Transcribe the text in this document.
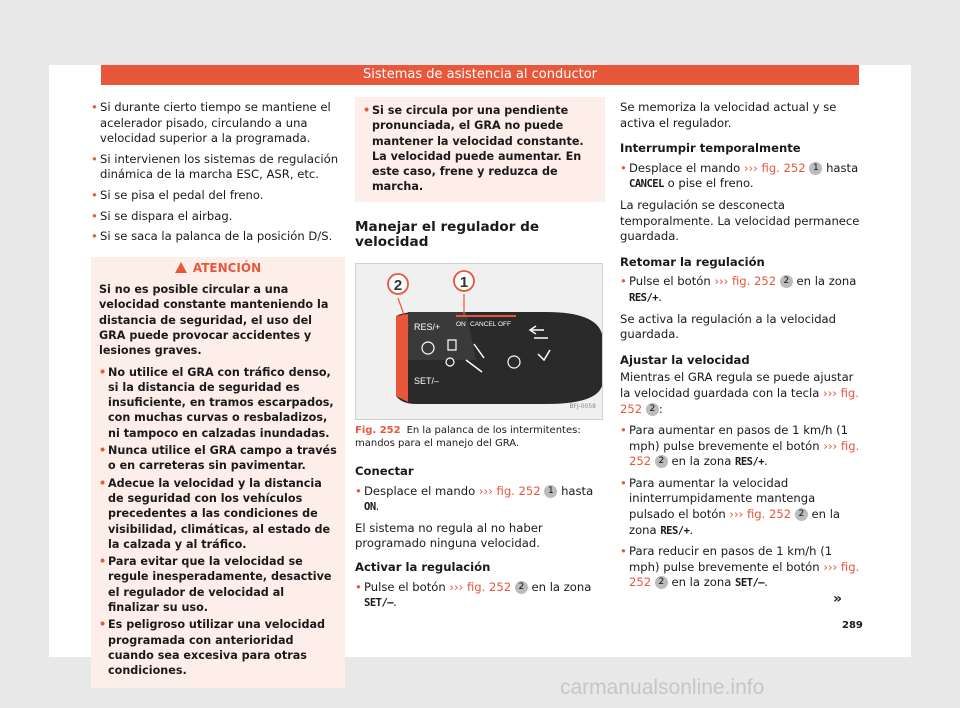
Sistemas de asistencia al conductor
• Si durante cierto tiempo se mantiene el acelerador pisado, circulando a una velocidad superior a la programada.
• Si intervienen los sistemas de regulación dinámica de la marcha ESC, ASR, etc.
• Si se pisa el pedal del freno.
• Si se dispara el airbag.
• Si se saca la palanca de la posición D/S.
ATENCIÓN

Si no es posible circular a una velocidad constante manteniendo la distancia de seguridad, el uso del GRA puede provocar accidentes y lesiones graves.

• No utilice el GRA con tráfico denso, si la distancia de seguridad es insuficiente, en tramos escarpados, con muchas curvas o resbaladizos, ni tampoco en calzadas inundadas.
• Nunca utilice el GRA campo a través o en carreteras sin pavimentar.
• Adecue la velocidad y la distancia de seguridad con los vehículos precedentes a las condiciones de visibilidad, climáticas, al estado de la calzada y al tráfico.
• Para evitar que la velocidad se regule inesperadamente, desactive el regulador de velocidad al finalizar su uso.
• Es peligroso utilizar una velocidad programada con anterioridad cuando sea excesiva para otras condiciones.
• Si se circula por una pendiente pronunciada, el GRA no puede mantener la velocidad constante. La velocidad puede aumentar. En este caso, frene y reduzca de marcha.
Manejar el regulador de velocidad
RES/+
SET/–
ON CANCEL OFF
2	1
BFJ-0058
Fig. 252 En la palanca de los intermitentes: mandos para el manejo del GRA.
Conectar
• Desplace el mando ››› fig. 252 1 hasta ON.

El sistema no regula al no haber programado ninguna velocidad.

Activar la regulación
• Pulse el botón ››› fig. 252 2 en la zona SET/–.

Se memoriza la velocidad actual y se activa el regulador.

Interrumpir temporalmente
• Desplace el mando ››› fig. 252 1 hasta CANCEL o pise el freno.

La regulación se desconecta temporalmente. La velocidad permanece guardada.

Retomar la regulación
• Pulse el botón ››› fig. 252 2 en la zona RES/+.

Se activa la regulación a la velocidad guardada.

Ajustar la velocidad

Mientras el GRA regula se puede ajustar la velocidad guardada con la tecla ››› fig. 252 2 :

• Para aumentar en pasos de 1 km/h (1 mph) pulse brevemente el botón ››› fig. 252 2 en la zona RES/+.
• Para aumentar la velocidad ininterrumpidamente mantenga pulsado el botón ››› fig. 252 2 en la zona RES/+.
• Para reducir en pasos de 1 km/h (1 mph) pulse brevemente el botón ››› fig. 252 2 en la zona SET/–.
»
289
carmanualsonline.info
